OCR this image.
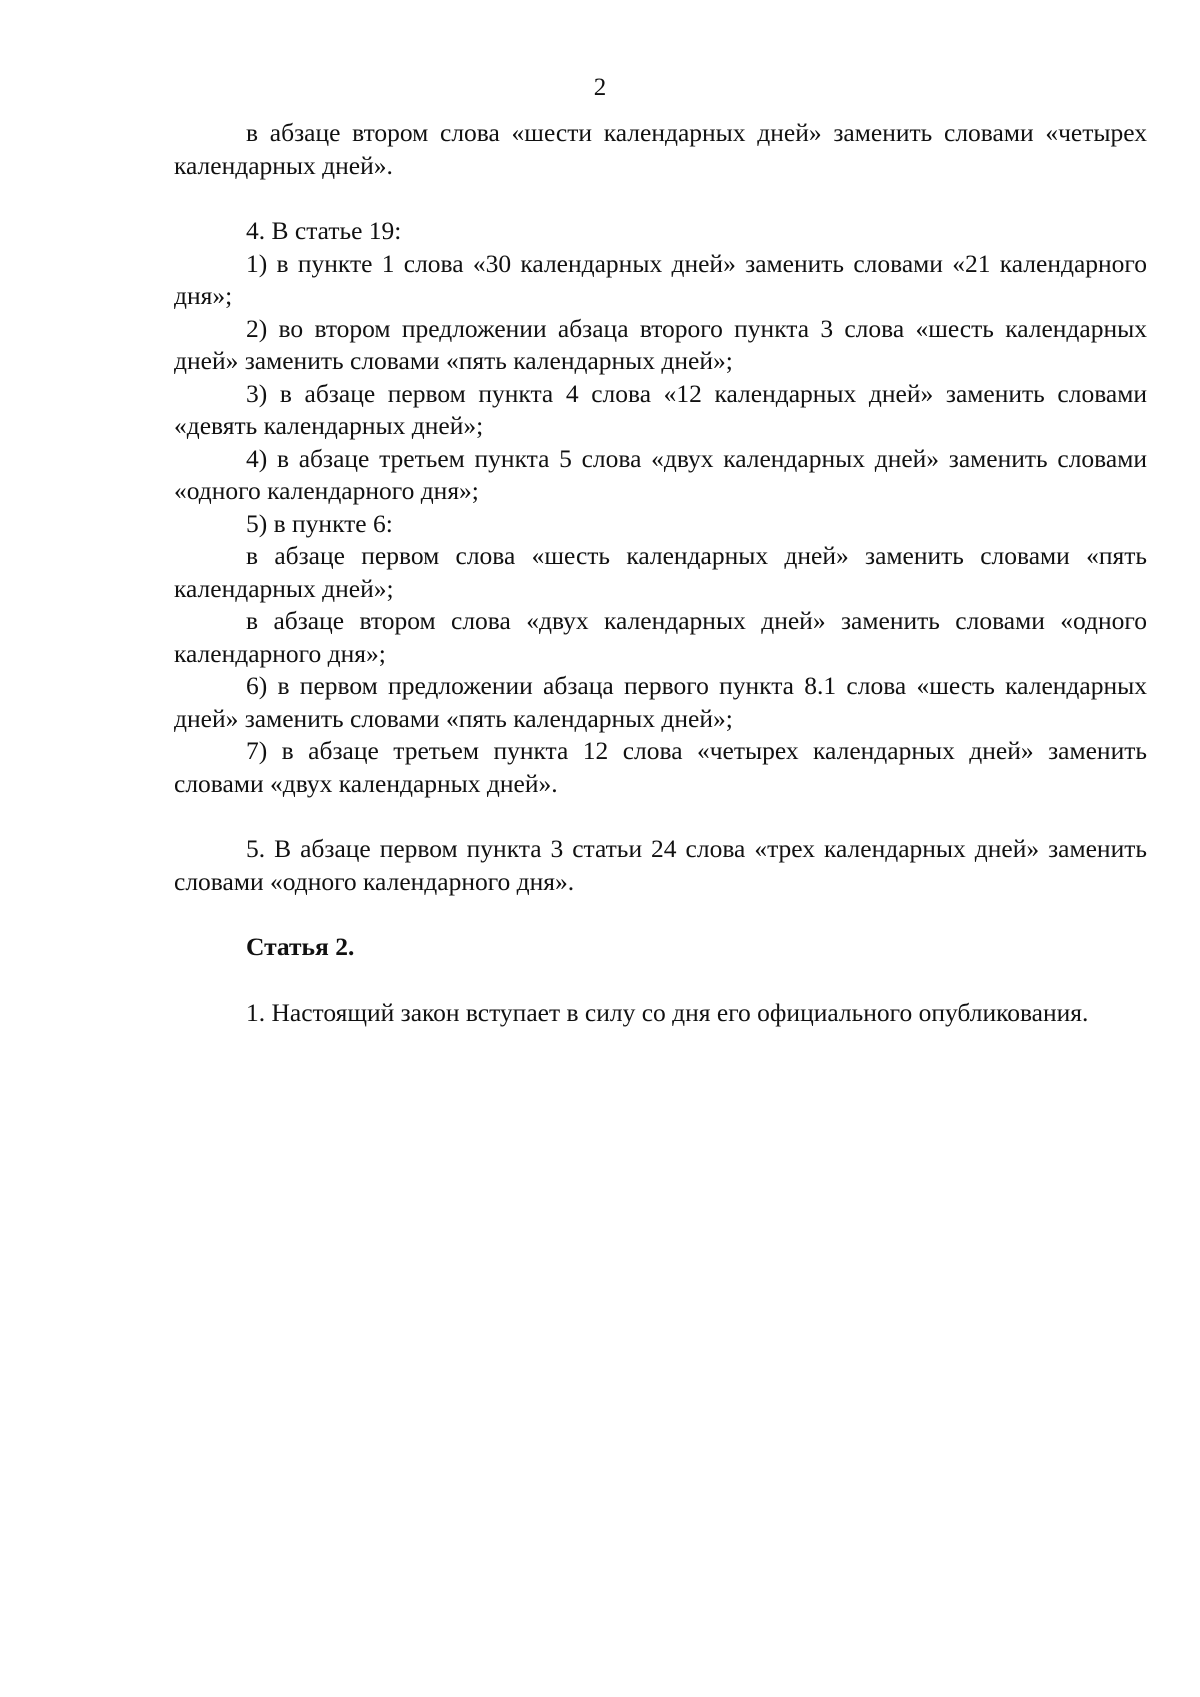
2

в абзаце втором слова «шести календарных дней» заменить словами «четырех календарных дней».

4. В статье 19:

1) в пункте 1 слова «30 календарных дней» заменить словами «21 календарного дня»;

2) во втором предложении абзаца второго пункта 3 слова «шесть календарных дней» заменить словами «пять календарных дней»;

3) в абзаце первом пункта 4 слова «12 календарных дней» заменить словами «девять календарных дней»;

4) в абзаце третьем пункта 5 слова «двух календарных дней» заменить словами «одного календарного дня»;

5) в пункте 6:

в абзаце первом слова «шесть календарных дней» заменить словами «пять календарных дней»;

в абзаце втором слова «двух календарных дней» заменить словами «одного календарного дня»;

6) в первом предложении абзаца первого пункта 8.1 слова «шесть календарных дней» заменить словами «пять календарных дней»;

7) в абзаце третьем пункта 12 слова «четырех календарных дней» заменить словами «двух календарных дней».

5. В абзаце первом пункта 3 статьи 24 слова «трех календарных дней» заменить словами «одного календарного дня».

Статья 2.

1. Настоящий закон вступает в силу со дня его официального опубликования.
